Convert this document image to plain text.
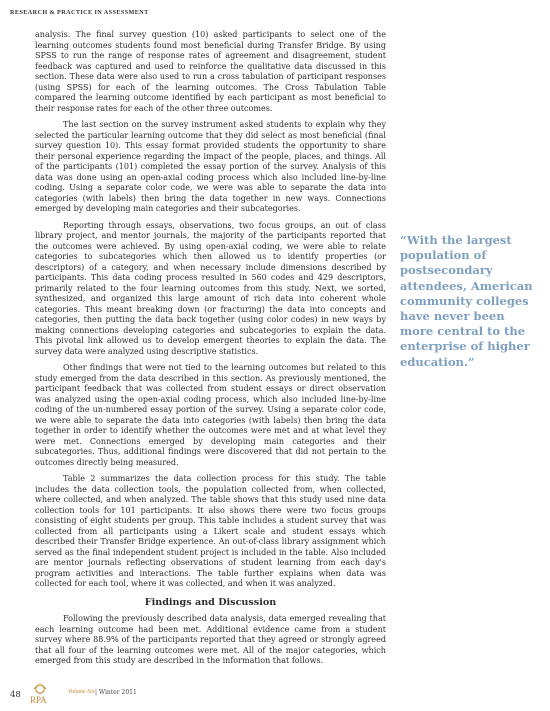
RESEARCH & PRACTICE IN ASSESSMENT

analysis. The final survey question (10) asked participants to select one of the learning outcomes students found most beneficial during Transfer Bridge. By using SPSS to run the range of response rates of agreement and disagreement, student feedback was captured and used to reinforce the qualitative data discussed in this section. These data were also used to run a cross tabulation of participant responses (using SPSS) for each of the learning outcomes. The Cross Tabulation Table compared the learning outcome identified by each participant as most beneficial to their response rates for each of the other three outcomes.

The last section on the survey instrument asked students to explain why they selected the particular learning outcome that they did select as most beneficial (final survey question 10). This essay format provided students the opportunity to share their personal experience regarding the impact of the people, places, and things. All of the participants (101) completed the essay portion of the survey. Analysis of this data was done using an open-axial coding process which also included line-by-line coding. Using a separate color code, we were was able to separate the data into categories (with labels) then bring the data together in new ways. Connections emerged by developing main categories and their subcategories.

Reporting through essays, observations, two focus groups, an out of class library project, and mentor journals, the majority of the participants reported that the outcomes were achieved. By using open-axial coding, we were able to relate categories to subcategories which then allowed us to identify properties (or descriptors) of a category, and when necessary include dimensions described by participants. This data coding process resulted in 560 codes and 429 descriptors, primarily related to the four learning outcomes from this study. Next, we sorted, synthesized, and organized this large amount of rich data into coherent whole categories. This meant breaking down (or fracturing) the data into concepts and categories, then putting the data back together (using color codes) in new ways by making connections developing categories and subcategories to explain the data. This pivotal link allowed us to develop emergent theories to explain the data. The survey data were analyzed using descriptive statistics.

Other findings that were not tied to the learning outcomes but related to this study emerged from the data described in this section. As previously mentioned, the participant feedback that was collected from student essays or direct observation was analyzed using the open-axial coding process, which also included line-by-line coding of the un-numbered essay portion of the survey. Using a separate color code, we were able to separate the data into categories (with labels) then bring the data together in order to identify whether the outcomes were met and at what level they were met. Connections emerged by developing main categories and their subcategories. Thus, additional findings were discovered that did not pertain to the outcomes directly being measured.

Table 2 summarizes the data collection process for this study. The table includes the data collection tools, the population collected from, when collected, where collected, and when analyzed. The table shows that this study used nine data collection tools for 101 participants. It also shows there were two focus groups consisting of eight students per group. This table includes a student survey that was collected from all participants using a Likert scale and student essays which described their Transfer Bridge experience. An out-of-class library assignment which served as the final independent student project is included in the table. Also included are mentor journals reflecting observations of student learning from each day's program activities and interactions. The table further explains when data was collected for each tool, where it was collected, and when it was analyzed.

Findings and Discussion

Following the previously described data analysis, data emerged revealing that each learning outcome had been met. Additional evidence came from a student survey where 88.9% of the participants reported that they agreed or strongly agreed that all four of the learning outcomes were met. All of the major categories, which emerged from this study are described in the information that follows.

“With the largest population of postsecondary attendees, American community colleges have never been more central to the enterprise of higher education.”
48 RPA
Volume Six | Winter 2011
